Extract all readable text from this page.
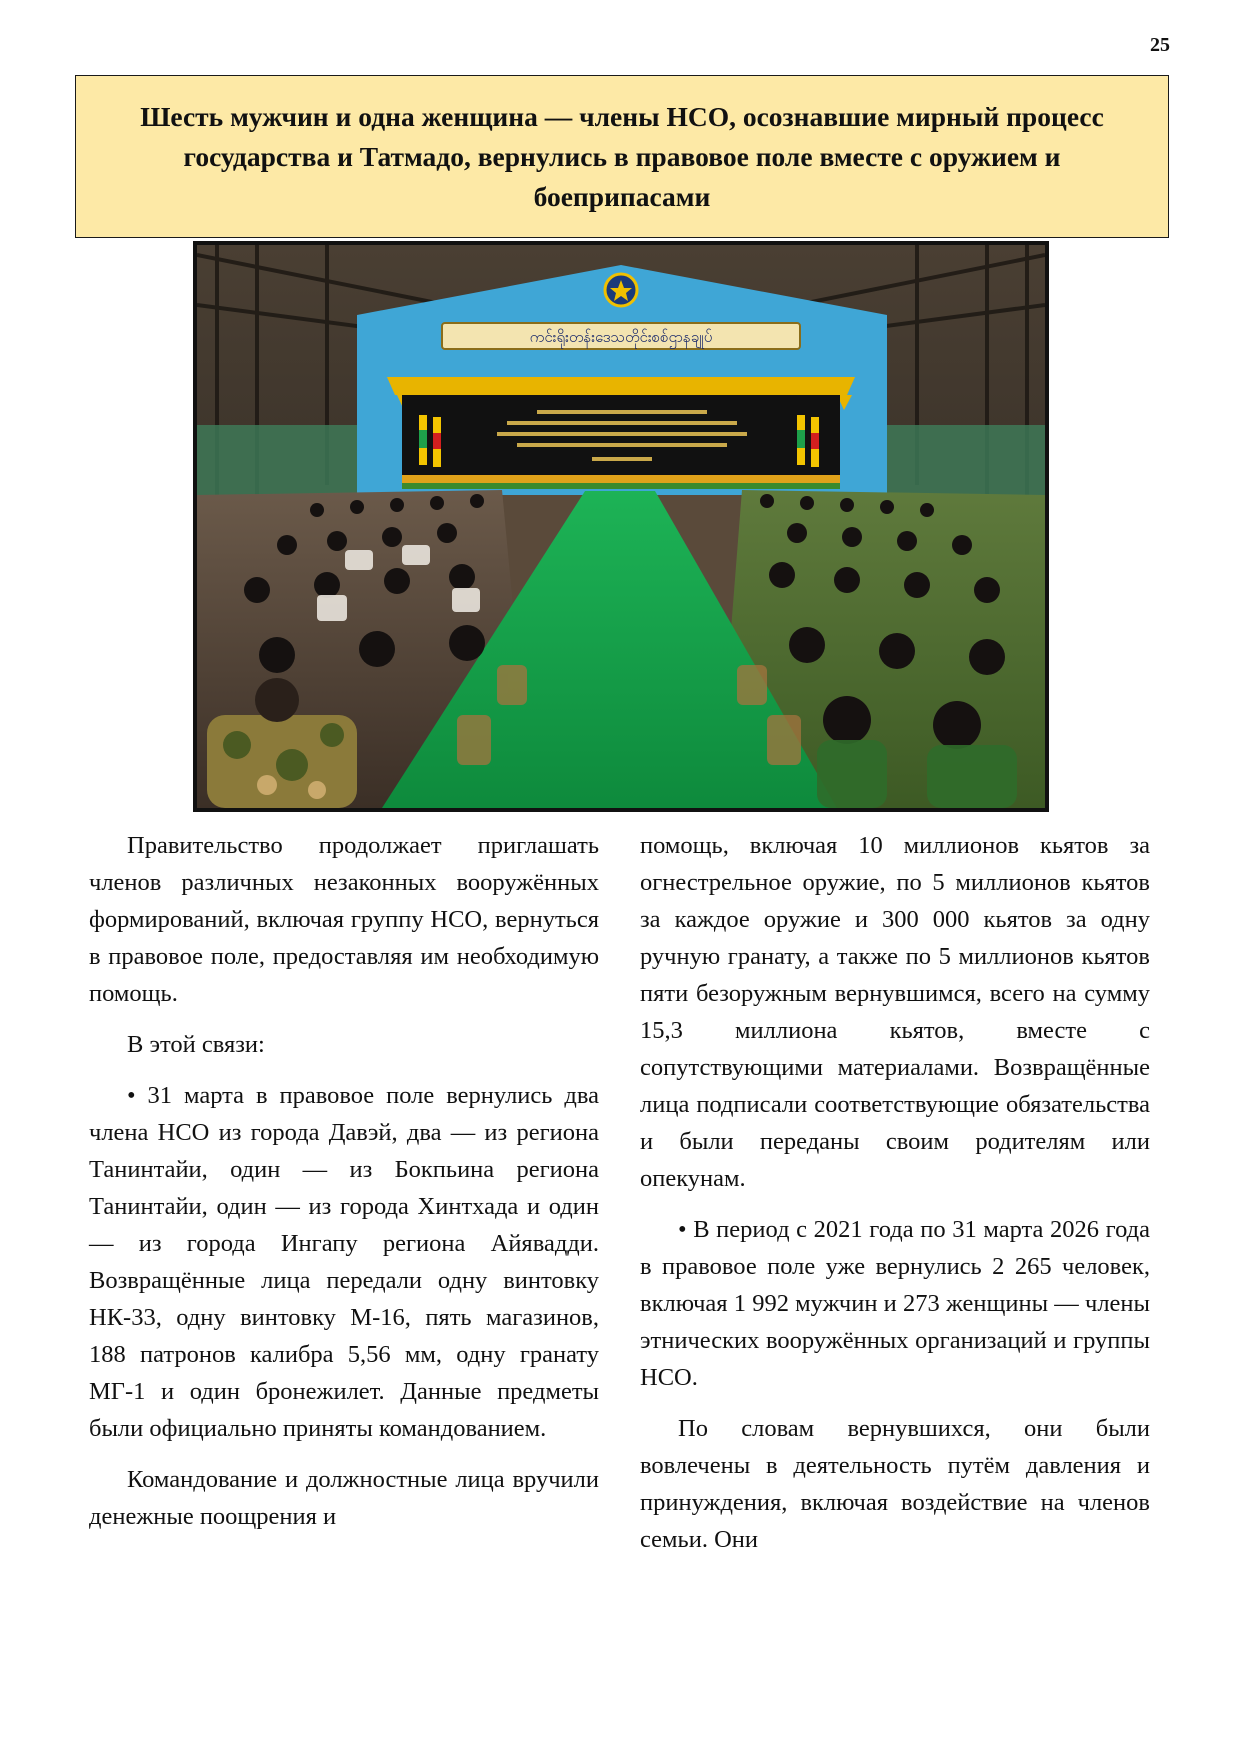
25
Шесть мужчин и одна женщина — члены НСО, осознавшие мирный процесс государства и Татмадо, вернулись в правовое поле вместе с оружием и боеприпасами
ကင်းရိုးတန်းဒေသတိုင်းစစ်ဌာနချုပ်

Правительство продолжает приглашать членов различных незаконных вооружённых формирований, включая группу НСО, вернуться в правовое поле, предоставляя им необходимую помощь.

В этой связи:

• 31 марта в правовое поле вернулись два члена НСО из города Давэй, два — из региона Танинтайи, один — из Бокпьина региона Танинтайи, один — из города Хинтхада и один — из города Ингапу региона Айявадди. Возвращённые лица передали одну винтовку НК-33, одну винтовку М-16, пять магазинов, 188 патронов калибра 5,56 мм, одну гранату МГ-1 и один бронежилет. Данные предметы были официально приняты командованием.

Командование и должностные лица вручили денежные поощрения и

помощь, включая 10 миллионов кьятов за огнестрельное оружие, по 5 миллионов кьятов за каждое оружие и 300 000 кьятов за одну ручную гранату, а также по 5 миллионов кьятов пяти безоружным вернувшимся, всего на сумму 15,3 миллиона кьятов, вместе с сопутствующими материалами. Возвращённые лица подписали соответствующие обязательства и были переданы своим родителям или опекунам.

• В период с 2021 года по 31 марта 2026 года в правовое поле уже вернулись 2 265 человек, включая 1 992 мужчин и 273 женщины — члены этнических вооружённых организаций и группы НСО.

По словам вернувшихся, они были вовлечены в деятельность путём давления и принуждения, включая воздействие на членов семьи. Они
